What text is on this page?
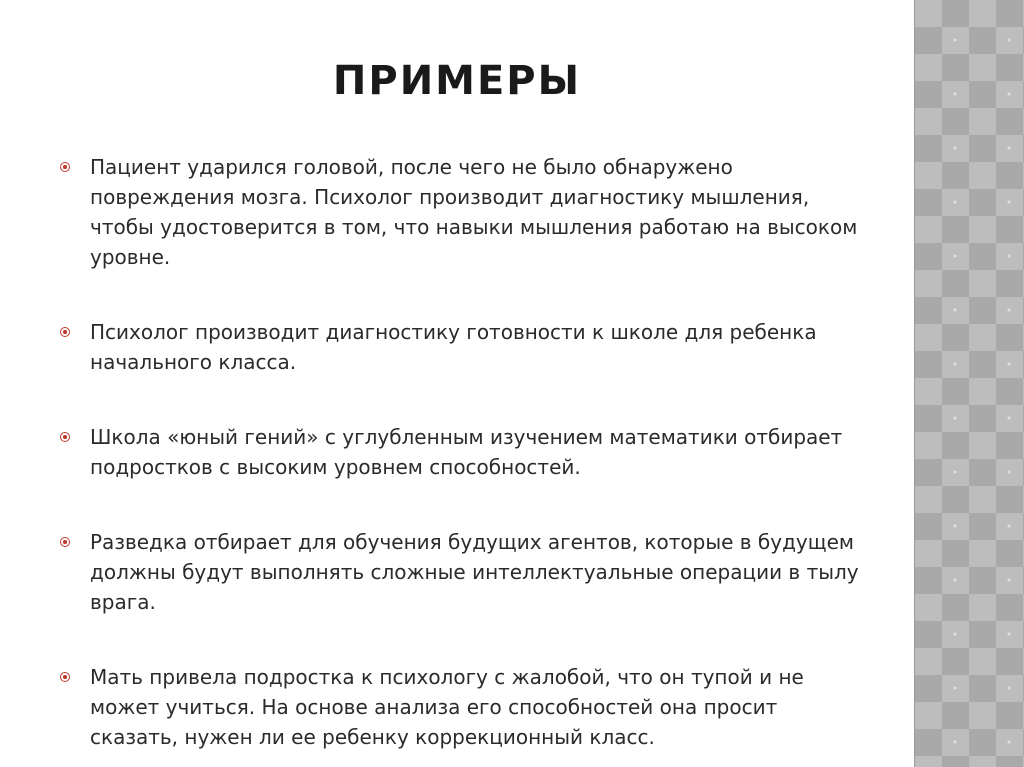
ПРИМЕРЫ
Пациент ударился головой, после чего не было обнаружено повреждения мозга. Психолог производит диагностику мышления, чтобы удостоверится в том, что навыки мышления работаю на высоком уровне.
Психолог производит диагностику готовности к школе для ребенка начального класса.
Школа «юный гений» с углубленным изучением математики отбирает подростков с высоким уровнем способностей.
Разведка отбирает для обучения будущих агентов, которые в будущем должны будут выполнять сложные интеллектуальные операции в тылу врага.
Мать привела подростка к психологу с жалобой, что он тупой и не может учиться. На основе анализа его способностей она просит сказать, нужен ли ее ребенку коррекционный класс.
